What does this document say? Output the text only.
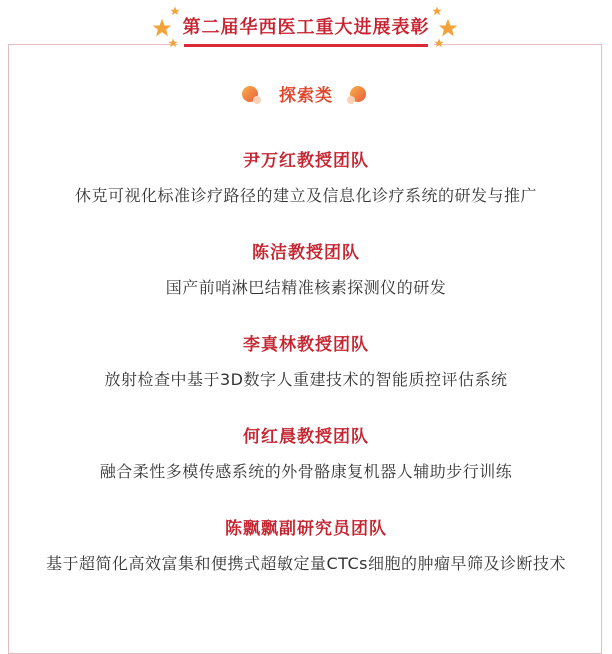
第二届华西医工重大进展表彰
探索类
尹万红教授团队
休克可视化标准诊疗路径的建立及信息化诊疗系统的研发与推广
陈洁教授团队
国产前哨淋巴结精准核素探测仪的研发
李真林教授团队
放射检查中基于3D数字人重建技术的智能质控评估系统
何红晨教授团队
融合柔性多模传感系统的外骨骼康复机器人辅助步行训练
陈飘飘副研究员团队
基于超简化高效富集和便携式超敏定量CTCs细胞的肿瘤早筛及诊断技术
